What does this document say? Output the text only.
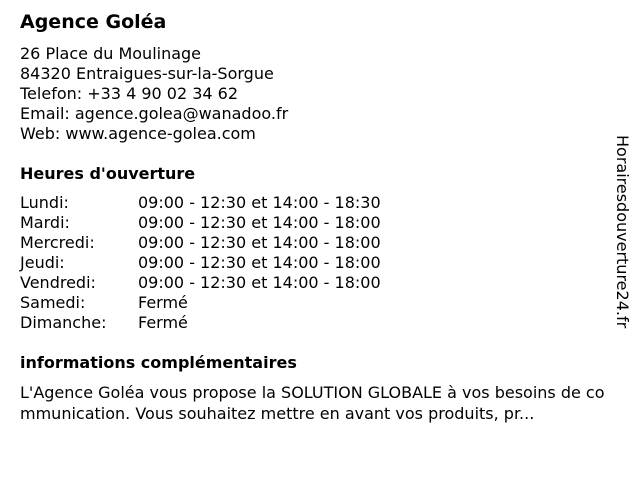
Agence Goléa
26 Place du Moulinage
84320 Entraigues-sur-la-Sorgue
Telefon: +33 4 90 02 34 62
Email: agence.golea@wanadoo.fr
Web: www.agence-golea.com
Heures d'ouverture
Lundi:	09:00 - 12:30 et 14:00 - 18:30
Mardi:	09:00 - 12:30 et 14:00 - 18:00
Mercredi:	09:00 - 12:30 et 14:00 - 18:00
Jeudi:	09:00 - 12:30 et 14:00 - 18:00
Vendredi:	09:00 - 12:30 et 14:00 - 18:00
Samedi:	Fermé
Dimanche:	Fermé
informations complémentaires
L'Agence Goléa vous propose la SOLUTION GLOBALE à vos besoins de communication. Vous souhaitez mettre en avant vos produits, pr...
Horairesdouverture24.fr
